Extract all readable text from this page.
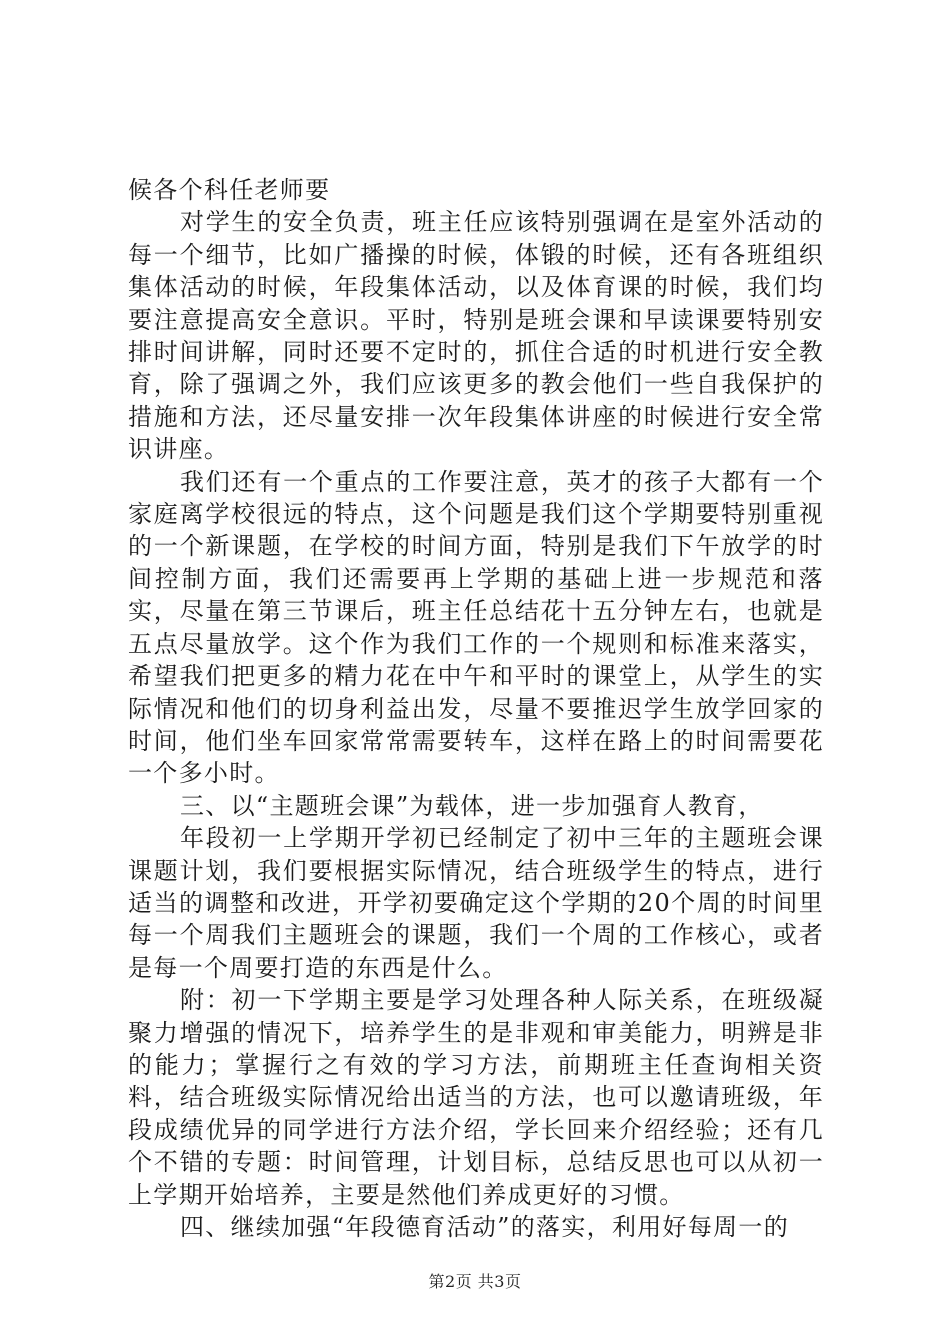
候各个科任老师要

对学生的安全负责，班主任应该特别强调在是室外活动的每一个细节，比如广播操的时候，体锻的时候，还有各班组织集体活动的时候，年段集体活动，以及体育课的时候，我们均要注意提高安全意识。平时，特别是班会课和早读课要特别安排时间讲解，同时还要不定时的，抓住合适的时机进行安全教育，除了强调之外，我们应该更多的教会他们一些自我保护的措施和方法，还尽量安排一次年段集体讲座的时候进行安全常识讲座。

我们还有一个重点的工作要注意，英才的孩子大都有一个家庭离学校很远的特点，这个问题是我们这个学期要特别重视的一个新课题，在学校的时间方面，特别是我们下午放学的时间控制方面，我们还需要再上学期的基础上进一步规范和落实，尽量在第三节课后，班主任总结花十五分钟左右，也就是五点尽量放学。这个作为我们工作的一个规则和标准来落实，希望我们把更多的精力花在中午和平时的课堂上，从学生的实际情况和他们的切身利益出发，尽量不要推迟学生放学回家的时间，他们坐车回家常常需要转车，这样在路上的时间需要花一个多小时。

三、以“主题班会课”为载体，进一步加强育人教育，

年段初一上学期开学初已经制定了初中三年的主题班会课课题计划，我们要根据实际情况，结合班级学生的特点，进行适当的调整和改进，开学初要确定这个学期的20个周的时间里每一个周我们主题班会的课题，我们一个周的工作核心，或者是每一个周要打造的东西是什么。

附：初一下学期主要是学习处理各种人际关系，在班级凝聚力增强的情况下，培养学生的是非观和审美能力，明辨是非的能力；掌握行之有效的学习方法，前期班主任查询相关资料，结合班级实际情况给出适当的方法，也可以邀请班级，年段成绩优异的同学进行方法介绍，学长回来介绍经验；还有几个不错的专题：时间管理，计划目标，总结反思也可以从初一上学期开始培养，主要是然他们养成更好的习惯。

四、继续加强“年段德育活动”的落实，利用好每周一的

第2页 共3页
